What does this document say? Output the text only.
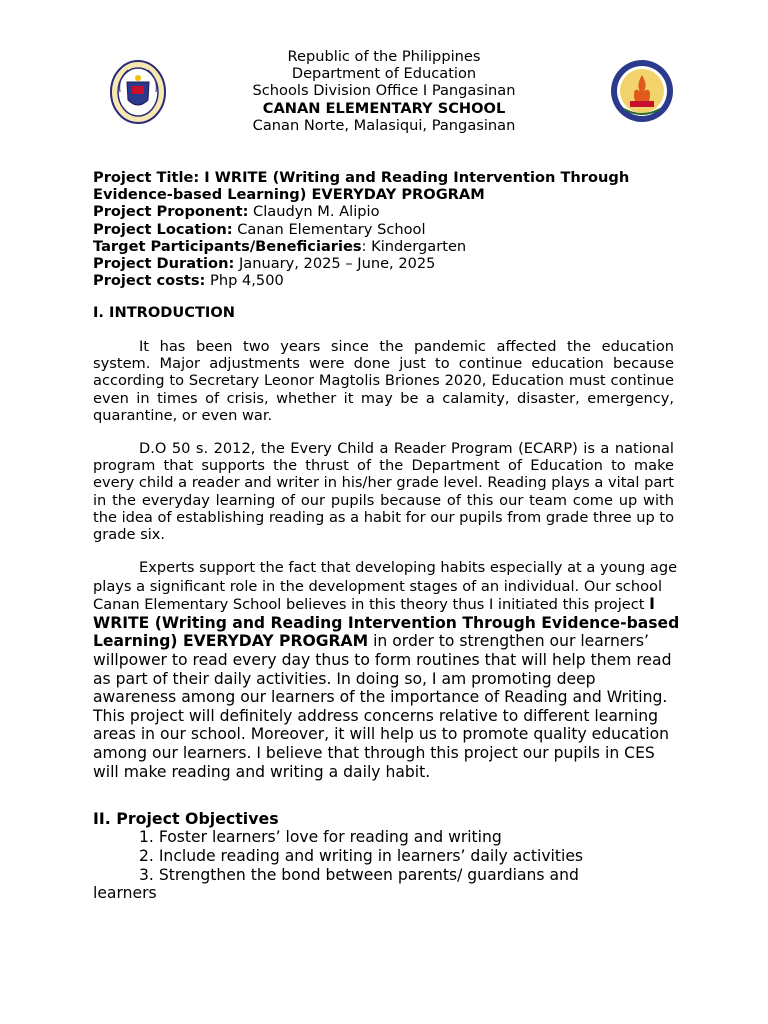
Republic of the Philippines
Department of Education
Schools Division Office I Pangasinan
CANAN ELEMENTARY SCHOOL
Canan Norte, Malasiqui, Pangasinan
Project Title: I WRITE (Writing and Reading Intervention Through Evidence-based Learning) EVERYDAY PROGRAM
Project Proponent: Claudyn M. Alipio
Project Location: Canan Elementary School
Target Participants/Beneficiaries: Kindergarten
Project Duration: January, 2025 – June, 2025
Project costs: Php 4,500
I. INTRODUCTION
It has been two years since the pandemic affected the education system. Major adjustments were done just to continue education because according to Secretary Leonor Magtolis Briones 2020, Education must continue even in times of crisis, whether it may be a calamity, disaster, emergency, quarantine, or even war.
D.O 50 s. 2012, the Every Child a Reader Program (ECARP) is a national program that supports the thrust of the Department of Education to make every child a reader and writer in his/her grade level. Reading plays a vital part in the everyday learning of our pupils because of this our team come up with the idea of establishing reading as a habit for our pupils from grade three up to grade six.
Experts support the fact that developing habits especially at a young age plays a significant role in the development stages of an individual. Our school Canan Elementary School believes in this theory thus I initiated this project I WRITE (Writing and Reading Intervention Through Evidence-based Learning) EVERYDAY PROGRAM in order to strengthen our learners’ willpower to read every day thus to form routines that will help them read as part of their daily activities. In doing so, I am promoting deep awareness among our learners of the importance of Reading and Writing. This project will definitely address concerns relative to different learning areas in our school. Moreover, it will help us to promote quality education among our learners. I believe that through this project our pupils in CES will make reading and writing a daily habit.
II. Project Objectives
1. Foster learners’ love for reading and writing
2. Include reading and writing in learners’ daily activities
3. Strengthen the bond between parents/ guardians and
learners
